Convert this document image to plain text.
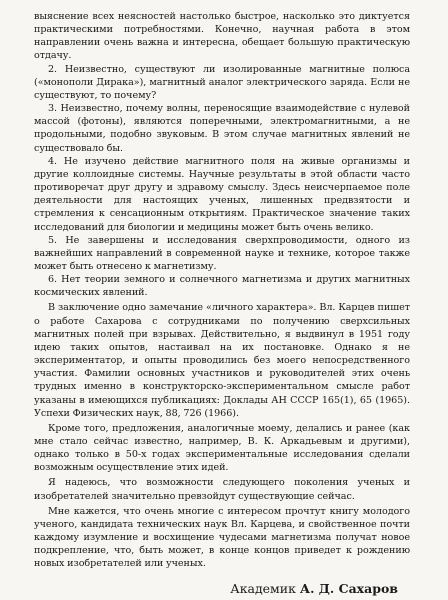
выяснение всех неясностей настолько быстрое, насколько это диктуется практическими потребностями. Конечно, научная работа в этом направлении очень важна и интересна, обещает большую практическую отдачу.

2. Неизвестно, существуют ли изолированные магнитные полюса («монополи Дирака»), магнитный аналог электрического заряда. Если не существуют, то почему?

3. Неизвестно, почему волны, переносящие взаимодействие с нулевой массой (фотоны), являются поперечными, электромагнитными, а не продольными, подобно звуковым. В этом случае магнитных явлений не существовало бы.

4. Не изучено действие магнитного поля на живые организмы и другие коллоидные системы. Научные результаты в этой области часто противоречат друг другу и здравому смыслу. Здесь неисчерпаемое поле деятельности для настоящих ученых, лишенных предвзятости и стремления к сенсационным открытиям. Практическое значение таких исследований для биологии и медицины может быть очень велико.

5. Не завершены и исследования сверхпроводимости, одного из важнейших направлений в современной науке и технике, которое также может быть отнесено к магнетизму.

6. Нет теории земного и солнечного магнетизма и других магнитных космических явлений.

В заключение одно замечание «личного характера». Вл. Карцев пишет о работе Сахарова с сотрудниками по получению сверхсильных магнитных полей при взрывах. Действительно, я выдвинул в 1951 году идею таких опытов, настаивал на их постановке. Однако я не экспериментатор, и опыты проводились без моего непосредственного участия. Фамилии основных участников и руководителей этих очень трудных именно в конструкторско-экспериментальном смысле работ указаны в имеющихся публикациях: Доклады АН СССР 165(1), 65 (1965). Успехи Физических наук, 88, 726 (1966).

Кроме того, предложения, аналогичные моему, делались и ранее (как мне стало сейчас известно, например, В. К. Аркадьевым и другими), однако только в 50-х годах экспериментальные исследования сделали возможным осуществление этих идей.

Я надеюсь, что возможности следующего поколения ученых и изобретателей значительно превзойдут существующие сейчас.

Мне кажется, что очень многие с интересом прочтут книгу молодого ученого, кандидата технических наук Вл. Карцева, и свойственное почти каждому изумление и восхищение чудесами магнетизма получат новое подкрепление, что, быть может, в конце концов приведет к рождению новых изобретателей или ученых.

Академик А. Д. Сахаров
